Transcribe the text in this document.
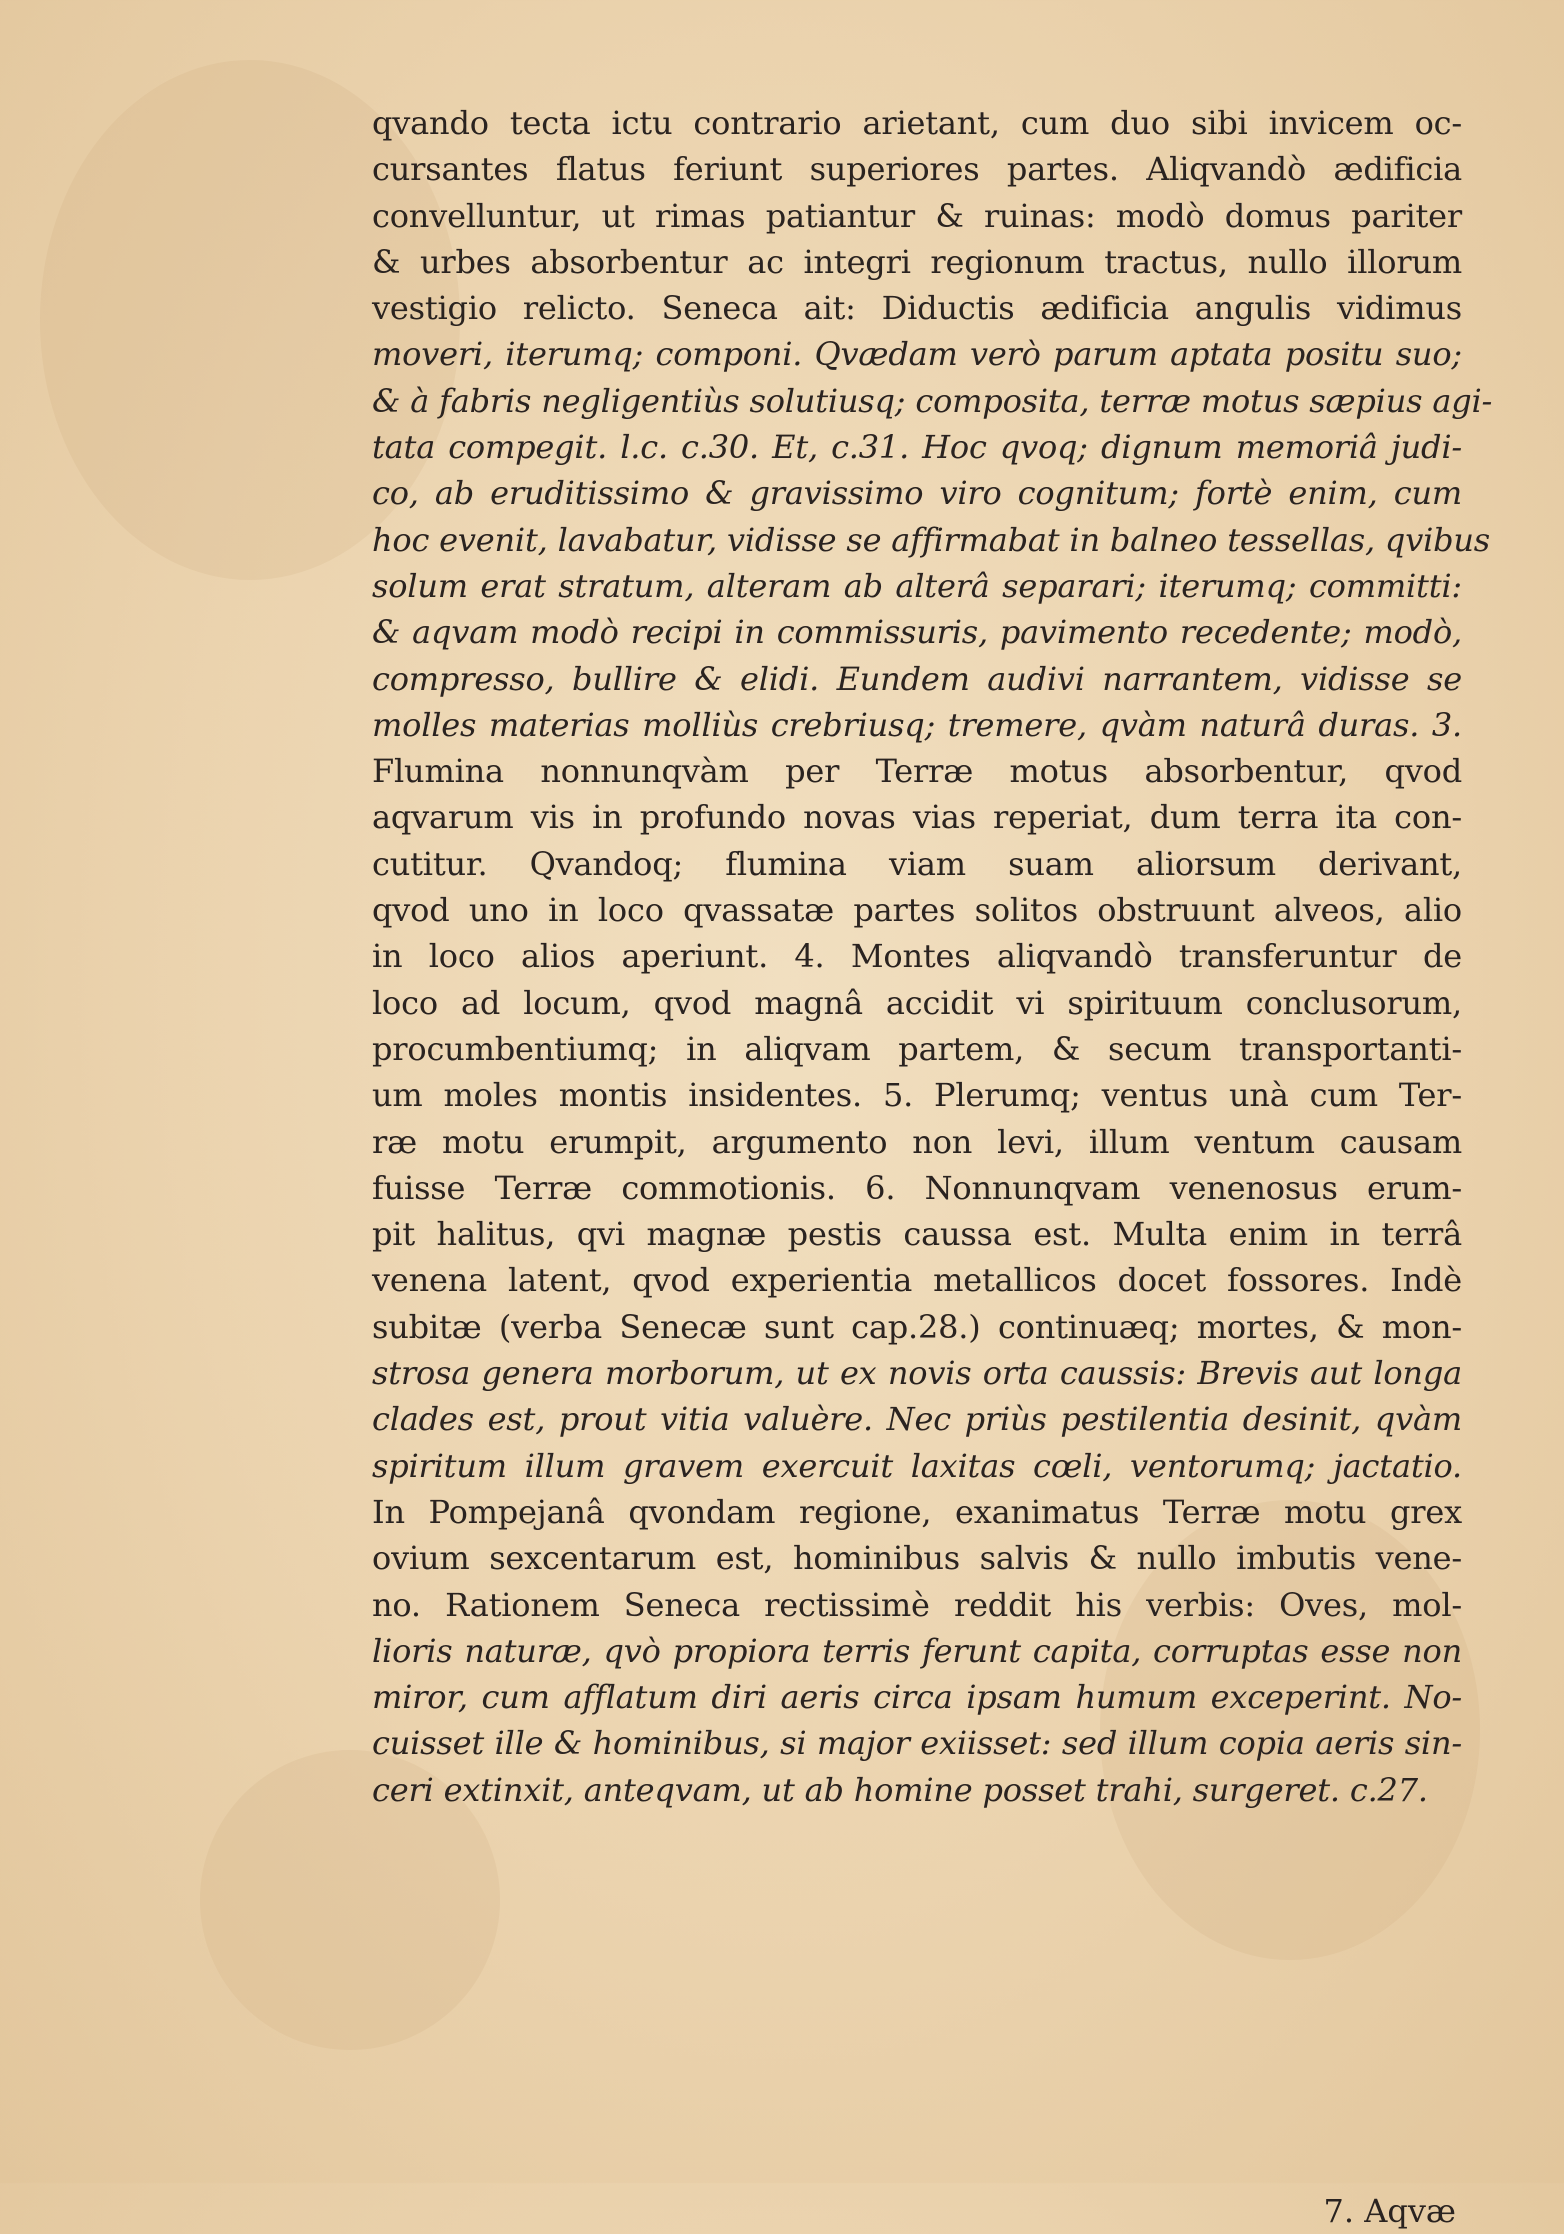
qvando tecta ictu contrario arietant, cum duo sibi invicem oc-
cursantes flatus feriunt superiores partes. Aliqvandò ædificia
convelluntur, ut rimas patiantur & ruinas: modò domus pariter
& urbes absorbentur ac integri regionum tractus, nullo illorum
vestigio relicto. Seneca ait: Diductis ædificia angulis vidimus
moveri, iterumq; componi. Qvædam verò parum aptata positu suo;
& à fabris negligentiùs solutiusq; composita, terræ motus sæpius agi-
tata compegit. l.c. c.30. Et, c.31. Hoc qvoq; dignum memoriâ judi-
co, ab eruditissimo & gravissimo viro cognitum; fortè enim, cum
hoc evenit, lavabatur, vidisse se affirmabat in balneo tessellas, qvibus
solum erat stratum, alteram ab alterâ separari; iterumq; committi:
& aqvam modò recipi in commissuris, pavimento recedente; modò,
compresso, bullire & elidi. Eundem audivi narrantem, vidisse se
molles materias molliùs crebriusq; tremere, qvàm naturâ duras. 3.
Flumina nonnunqvàm per Terræ motus absorbentur, qvod
aqvarum vis in profundo novas vias reperiat, dum terra ita con-
cutitur. Qvandoq; flumina viam suam aliorsum derivant,
qvod uno in loco qvassatæ partes solitos obstruunt alveos, alio
in loco alios aperiunt. 4. Montes aliqvandò transferuntur de
loco ad locum, qvod magnâ accidit vi spirituum conclusorum,
procumbentiumq; in aliqvam partem, & secum transportanti-
um moles montis insidentes. 5. Plerumq; ventus unà cum Ter-
ræ motu erumpit, argumento non levi, illum ventum causam
fuisse Terræ commotionis. 6. Nonnunqvam venenosus erum-
pit halitus, qvi magnæ pestis caussa est. Multa enim in terrâ
venena latent, qvod experientia metallicos docet fossores. Indè
subitæ (verba Senecæ sunt cap.28.) continuæq; mortes, & mon-
strosa genera morborum, ut ex novis orta caussis: Brevis aut longa
clades est, prout vitia valuère. Nec priùs pestilentia desinit, qvàm
spiritum illum gravem exercuit laxitas cœli, ventorumq; jactatio.
In Pompejanâ qvondam regione, exanimatus Terræ motu grex
ovium sexcentarum est, hominibus salvis & nullo imbutis vene-
no. Rationem Seneca rectissimè reddit his verbis: Oves, mol-
lioris naturæ, qvò propiora terris ferunt capita, corruptas esse non
miror, cum afflatum diri aeris circa ipsam humum exceperint. No-
cuisset ille & hominibus, si major exiisset: sed illum copia aeris sin-
ceri extinxit, anteqvam, ut ab homine posset trahi, surgeret. c.27.
7. Aqvæ
